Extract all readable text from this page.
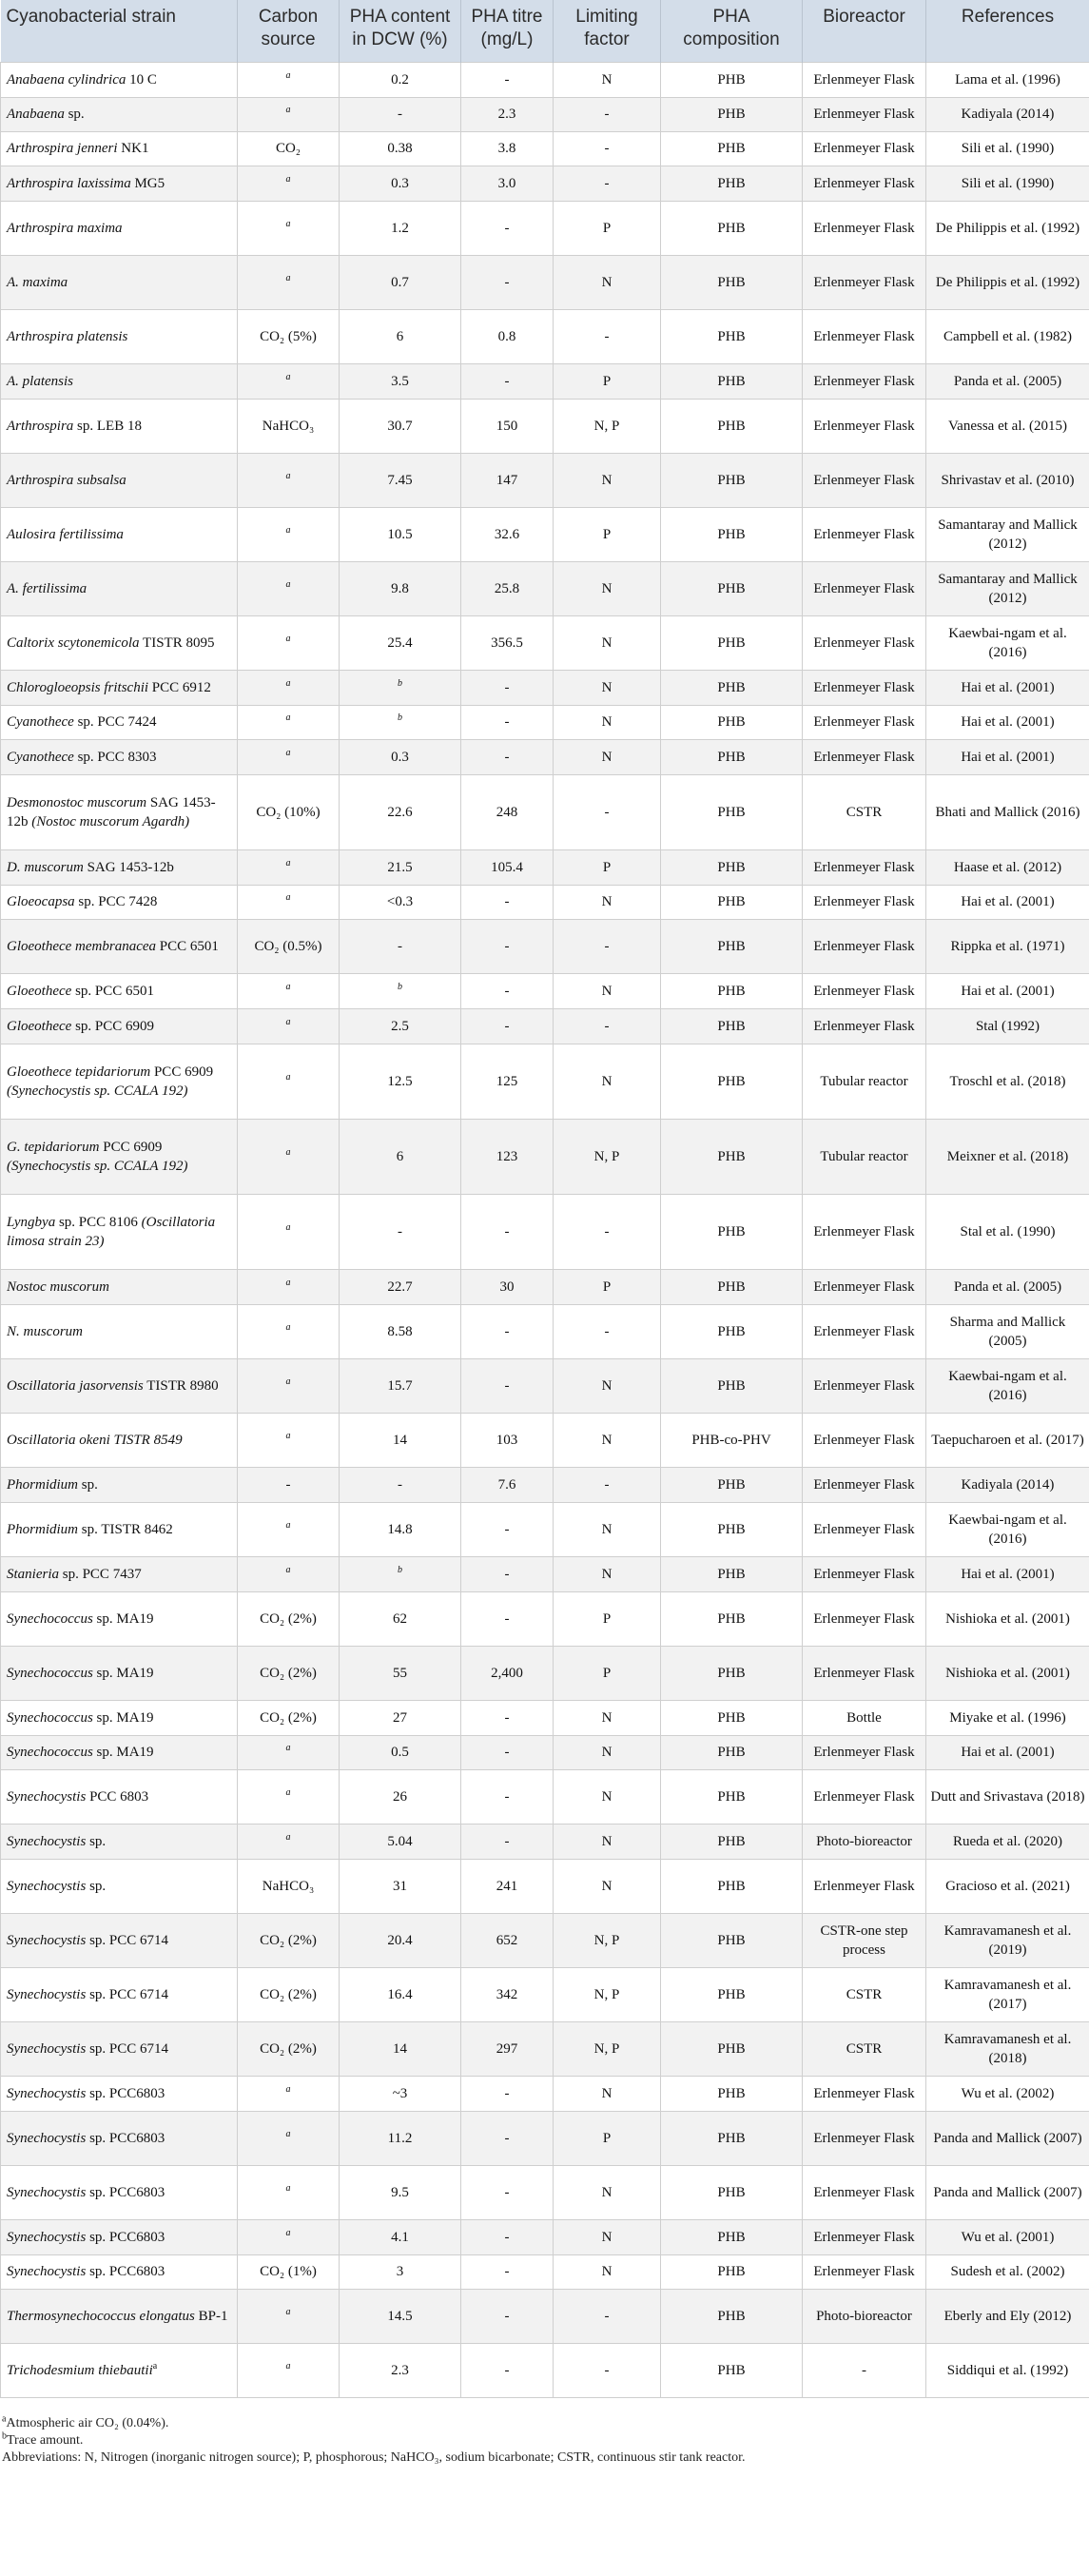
Cyanobacterial strain	Carbon source	PHA content in DCW (%)	PHA titre (mg/L)	Limiting factor	PHA composition	Bioreactor	References
Anabaena cylindrica 10 C	$^a$	0.2	-	N	PHB	Erlenmeyer Flask	Lama et al. (1996)
Anabaena sp.	$^a$	-	2.3	-	PHB	Erlenmeyer Flask	Kadiyala (2014)
Arthrospira jenneri NK1	CO₂	0.38	3.8	-	PHB	Erlenmeyer Flask	Sili et al. (1990)
Arthrospira laxissima MG5	$^a$	0.3	3.0	-	PHB	Erlenmeyer Flask	Sili et al. (1990)
Arthrospira maxima	$^a$	1.2	-	P	PHB	Erlenmeyer Flask	De Philippis et al. (1992)
A. maxima	$^a$	0.7	-	N	PHB	Erlenmeyer Flask	De Philippis et al. (1992)
Arthrospira platensis	CO₂ (5%)	6	0.8	-	PHB	Erlenmeyer Flask	Campbell et al. (1982)
A. platensis	$^a$	3.5	-	P	PHB	Erlenmeyer Flask	Panda et al. (2005)
Arthrospira sp. LEB 18	NaHCO₃	30.7	150	N, P	PHB	Erlenmeyer Flask	Vanessa et al. (2015)
Arthrospira subsalsa	$^a$	7.45	147	N	PHB	Erlenmeyer Flask	Shrivastav et al. (2010)
Aulosira fertilissima	$^a$	10.5	32.6	P	PHB	Erlenmeyer Flask	Samantaray and Mallick (2012)
A. fertilissima	$^a$	9.8	25.8	N	PHB	Erlenmeyer Flask	Samantaray and Mallick (2012)
Caltorix scytonemicola TISTR 8095	$^a$	25.4	356.5	N	PHB	Erlenmeyer Flask	Kaewbai-ngam et al. (2016)
Chlorogloeopsis fritschii PCC 6912	$^a$	$^b$	-	N	PHB	Erlenmeyer Flask	Hai et al. (2001)
Cyanothece sp. PCC 7424	$^a$	$^b$	-	N	PHB	Erlenmeyer Flask	Hai et al. (2001)
Cyanothece sp. PCC 8303	$^a$	0.3	-	N	PHB	Erlenmeyer Flask	Hai et al. (2001)
Desmonostoc muscorum SAG 1453-12b (Nostoc muscorum Agardh)	CO₂ (10%)	22.6	248	-	PHB	CSTR	Bhati and Mallick (2016)
D. muscorum SAG 1453-12b	$^a$	21.5	105.4	P	PHB	Erlenmeyer Flask	Haase et al. (2012)
Gloeocapsa sp. PCC 7428	$^a$	<0.3	-	N	PHB	Erlenmeyer Flask	Hai et al. (2001)
Gloeothece membranacea PCC 6501	CO₂ (0.5%)	-	-	-	PHB	Erlenmeyer Flask	Rippka et al. (1971)
Gloeothece sp. PCC 6501	$^a$	$^b$	-	N	PHB	Erlenmeyer Flask	Hai et al. (2001)
Gloeothece sp. PCC 6909	$^a$	2.5	-	-	PHB	Erlenmeyer Flask	Stal (1992)
Gloeothece tepidariorum PCC 6909 (Synechocystis sp. CCALA 192)	$^a$	12.5	125	N	PHB	Tubular reactor	Troschl et al. (2018)
G. tepidariorum PCC 6909 (Synechocystis sp. CCALA 192)	$^a$	6	123	N, P	PHB	Tubular reactor	Meixner et al. (2018)
Lyngbya sp. PCC 8106 (Oscillatoria limosa strain 23)	$^a$	-	-	-	PHB	Erlenmeyer Flask	Stal et al. (1990)
Nostoc muscorum	$^a$	22.7	30	P	PHB	Erlenmeyer Flask	Panda et al. (2005)
N. muscorum	$^a$	8.58	-	-	PHB	Erlenmeyer Flask	Sharma and Mallick (2005)
Oscillatoria jasorvensis TISTR 8980	$^a$	15.7	-	N	PHB	Erlenmeyer Flask	Kaewbai-ngam et al. (2016)
Oscillatoria okeni TISTR 8549	$^a$	14	103	N	PHB-co-PHV	Erlenmeyer Flask	Taepucharoen et al. (2017)
Phormidium sp.	-	-	7.6	-	PHB	Erlenmeyer Flask	Kadiyala (2014)
Phormidium sp. TISTR 8462	$^a$	14.8	-	N	PHB	Erlenmeyer Flask	Kaewbai-ngam et al. (2016)
Stanieria sp. PCC 7437	$^a$	$^b$	-	N	PHB	Erlenmeyer Flask	Hai et al. (2001)
Synechococcus sp. MA19	CO₂ (2%)	62	-	P	PHB	Erlenmeyer Flask	Nishioka et al. (2001)
Synechococcus sp. MA19	CO₂ (2%)	55	2,400	P	PHB	Erlenmeyer Flask	Nishioka et al. (2001)
Synechococcus sp. MA19	CO₂ (2%)	27	-	N	PHB	Bottle	Miyake et al. (1996)
Synechococcus sp. MA19	$^a$	0.5	-	N	PHB	Erlenmeyer Flask	Hai et al. (2001)
Synechocystis PCC 6803	$^a$	26	-	N	PHB	Erlenmeyer Flask	Dutt and Srivastava (2018)
Synechocystis sp.	$^a$	5.04	-	N	PHB	Photo-bioreactor	Rueda et al. (2020)
Synechocystis sp.	NaHCO₃	31	241	N	PHB	Erlenmeyer Flask	Gracioso et al. (2021)
Synechocystis sp. PCC 6714	CO₂ (2%)	20.4	652	N, P	PHB	CSTR-one step process	Kamravamanesh et al. (2019)
Synechocystis sp. PCC 6714	CO₂ (2%)	16.4	342	N, P	PHB	CSTR	Kamravamanesh et al. (2017)
Synechocystis sp. PCC 6714	CO₂ (2%)	14	297	N, P	PHB	CSTR	Kamravamanesh et al. (2018)
Synechocystis sp. PCC6803	$^a$	~3	-	N	PHB	Erlenmeyer Flask	Wu et al. (2002)
Synechocystis sp. PCC6803	$^a$	11.2	-	P	PHB	Erlenmeyer Flask	Panda and Mallick (2007)
Synechocystis sp. PCC6803	$^a$	9.5	-	N	PHB	Erlenmeyer Flask	Panda and Mallick (2007)
Synechocystis sp. PCC6803	$^a$	4.1	-	N	PHB	Erlenmeyer Flask	Wu et al. (2001)
Synechocystis sp. PCC6803	CO₂ (1%)	3	-	N	PHB	Erlenmeyer Flask	Sudesh et al. (2002)
Thermosynechococcus elongatus BP-1	$^a$	14.5	-	-	PHB	Photo-bioreactor	Eberly and Ely (2012)
Trichodesmium thiebautii$^a$	$^a$	2.3	-	-	PHB	-	Siddiqui et al. (1992)
$^a$Atmospheric air CO₂ (0.04%).
$^b$Trace amount.
Abbreviations: N, Nitrogen (inorganic nitrogen source); P, phosphorous; NaHCO₃, sodium bicarbonate; CSTR, continuous stir tank reactor.
